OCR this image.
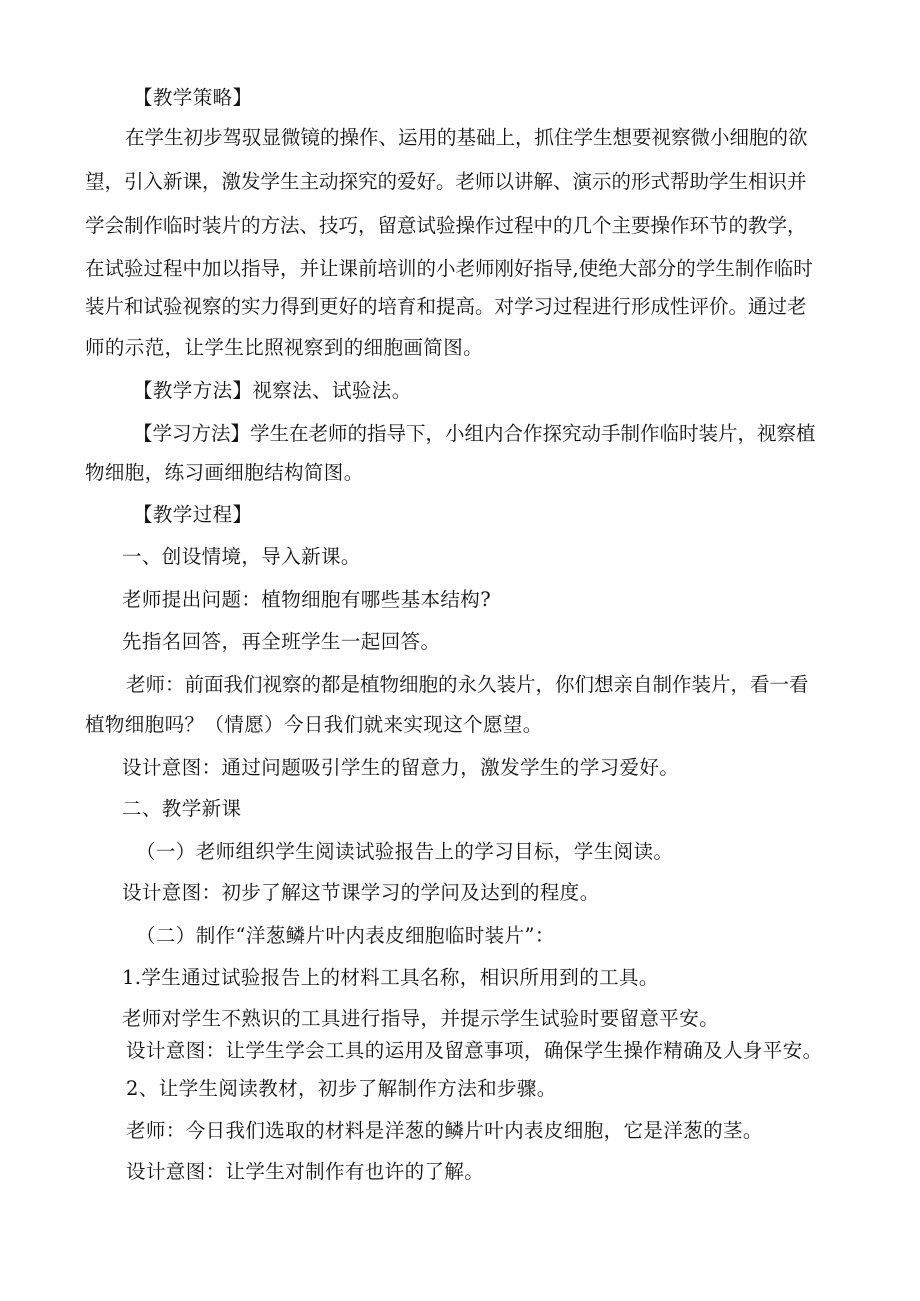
【教学策略】
在学生初步驾驭显微镜的操作、运用的基础上，抓住学生想要视察微小细胞的欲
望，引入新课，激发学生主动探究的爱好。老师以讲解、演示的形式帮助学生相识并
学会制作临时装片的方法、技巧，留意试验操作过程中的几个主要操作环节的教学，
在试验过程中加以指导，并让课前培训的小老师刚好指导,使绝大部分的学生制作临时
装片和试验视察的实力得到更好的培育和提高。对学习过程进行形成性评价。通过老
师的示范，让学生比照视察到的细胞画简图。
【教学方法】视察法、试验法。
【学习方法】学生在老师的指导下，小组内合作探究动手制作临时装片，视察植
物细胞，练习画细胞结构简图。
【教学过程】
一、创设情境，导入新课。
老师提出问题：植物细胞有哪些基本结构?
先指名回答，再全班学生一起回答。
老师：前面我们视察的都是植物细胞的永久装片，你们想亲自制作装片，看一看
植物细胞吗？（情愿）今日我们就来实现这个愿望。
设计意图：通过问题吸引学生的留意力，激发学生的学习爱好。
二、教学新课
（一）老师组织学生阅读试验报告上的学习目标，学生阅读。
设计意图：初步了解这节课学习的学问及达到的程度。
（二）制作“洋葱鳞片叶内表皮细胞临时装片”：
1.学生通过试验报告上的材料工具名称，相识所用到的工具。
老师对学生不熟识的工具进行指导，并提示学生试验时要留意平安。
设计意图：让学生学会工具的运用及留意事项，确保学生操作精确及人身平安。
2、让学生阅读教材，初步了解制作方法和步骤。
老师：今日我们选取的材料是洋葱的鳞片叶内表皮细胞，它是洋葱的茎。
设计意图：让学生对制作有也许的了解。
